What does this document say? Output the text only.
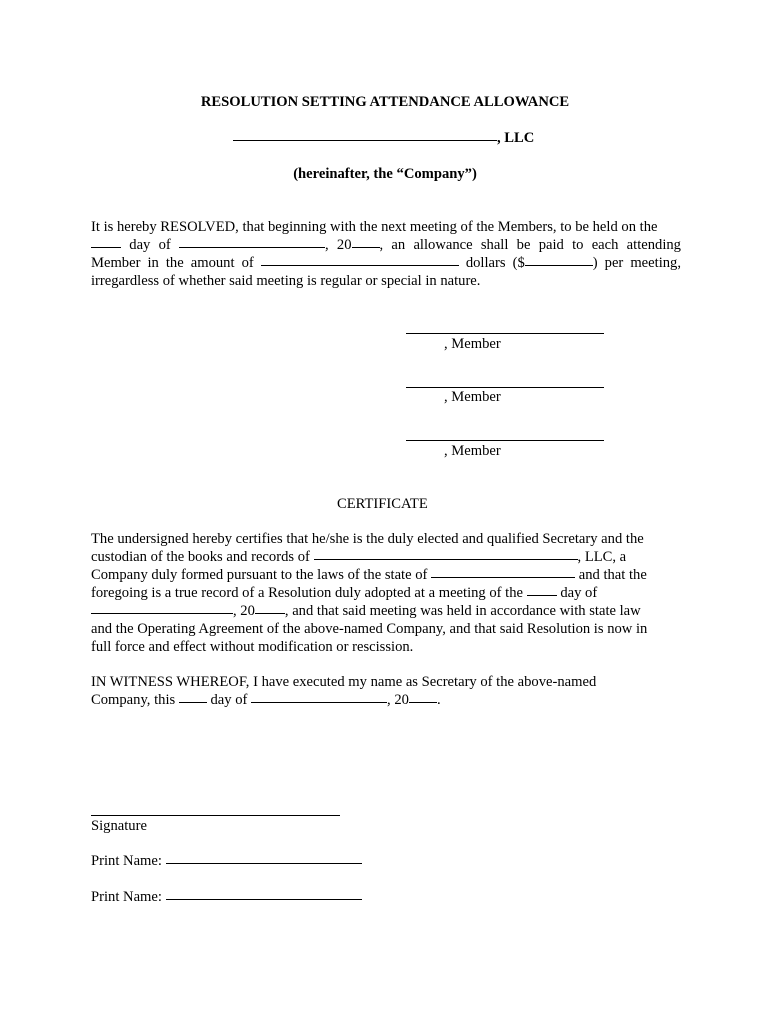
RESOLUTION SETTING ATTENDANCE ALLOWANCE
, LLC
(hereinafter, the “Company”)
It is hereby RESOLVED, that beginning with the next meeting of the Members, to be held on the
day of	, 20 , an allowance shall be paid to each attending
Member in the amount of	dollars ($	) per meeting,
irregardless of whether said meeting is regular or special in nature.
, Member
, Member
, Member
CERTIFICATE
The undersigned hereby certifies that he/she is the duly elected and qualified Secretary and the
custodian of the books and records of	, LLC, a
Company duly formed pursuant to the laws of the state of	and that the
foregoing is a true record of a Resolution duly adopted at a meeting of the	day of
, 20 , and that said meeting was held in accordance with state law
and the Operating Agreement of the above-named Company, and that said Resolution is now in
full force and effect without modification or rescission.
IN WITNESS WHEREOF, I have executed my name as Secretary of the above-named
Company, this day of	, 20 .
Signature
Print Name:
Print Name:
